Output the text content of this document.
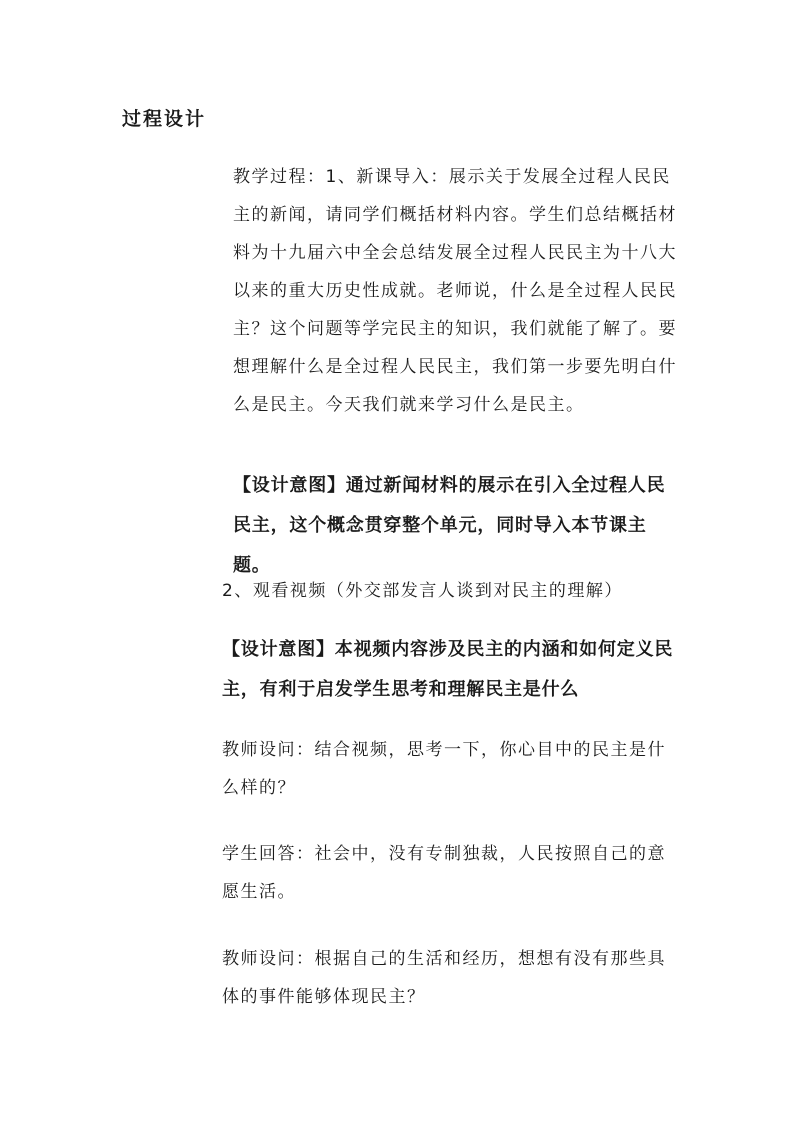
过程设计

教学过程：1、新课导入：展示关于发展全过程人民民主的新闻，请同学们概括材料内容。学生们总结概括材料为十九届六中全会总结发展全过程人民民主为十八大以来的重大历史性成就。老师说，什么是全过程人民民主？这个问题等学完民主的知识，我们就能了解了。要想理解什么是全过程人民民主，我们第一步要先明白什么是民主。今天我们就来学习什么是民主。

【设计意图】通过新闻材料的展示在引入全过程人民民主，这个概念贯穿整个单元，同时导入本节课主题。

2、观看视频（外交部发言人谈到对民主的理解）

【设计意图】本视频内容涉及民主的内涵和如何定义民主，有利于启发学生思考和理解民主是什么

教师设问：结合视频，思考一下，你心目中的民主是什么样的？

学生回答：社会中，没有专制独裁，人民按照自己的意愿生活。

教师设问：根据自己的生活和经历，想想有没有那些具体的事件能够体现民主？
